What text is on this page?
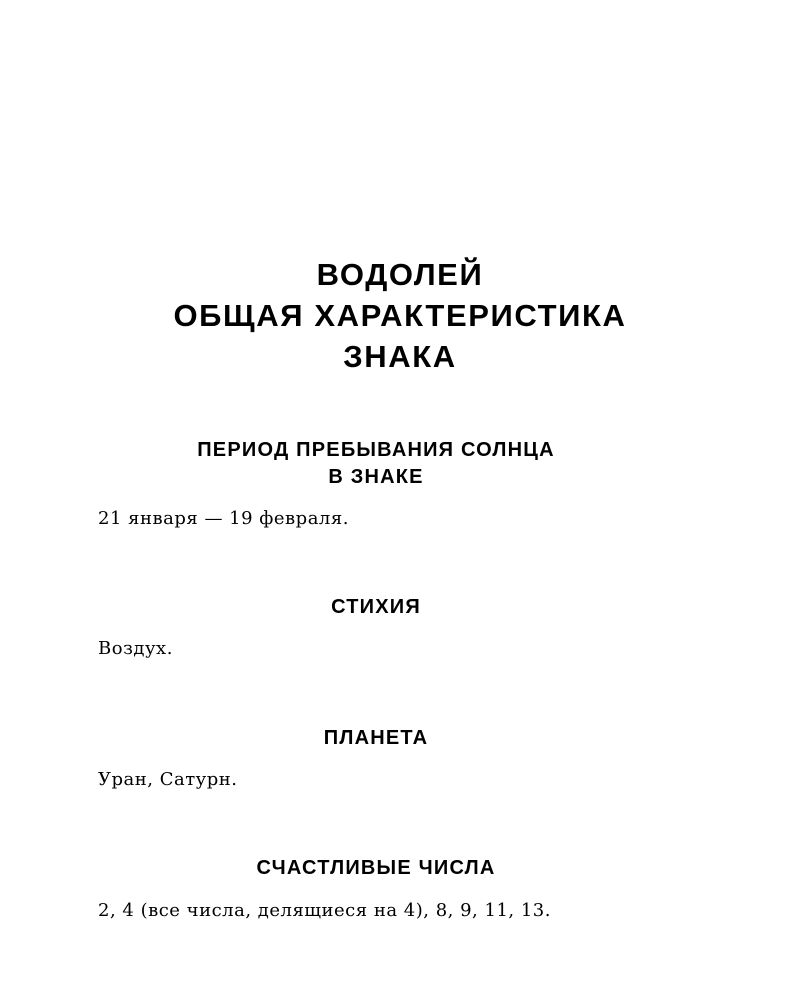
ВОДОЛЕЙ
ОБЩАЯ ХАРАКТЕРИСТИКА
ЗНАКА
ПЕРИОД ПРЕБЫВАНИЯ СОЛНЦА
В ЗНАКЕ

21 января — 19 февраля.

СТИХИЯ

Воздух.

ПЛАНЕТА

Уран, Сатурн.

СЧАСТЛИВЫЕ ЧИСЛА

2, 4 (все числа, делящиеся на 4), 8, 9, 11, 13.
